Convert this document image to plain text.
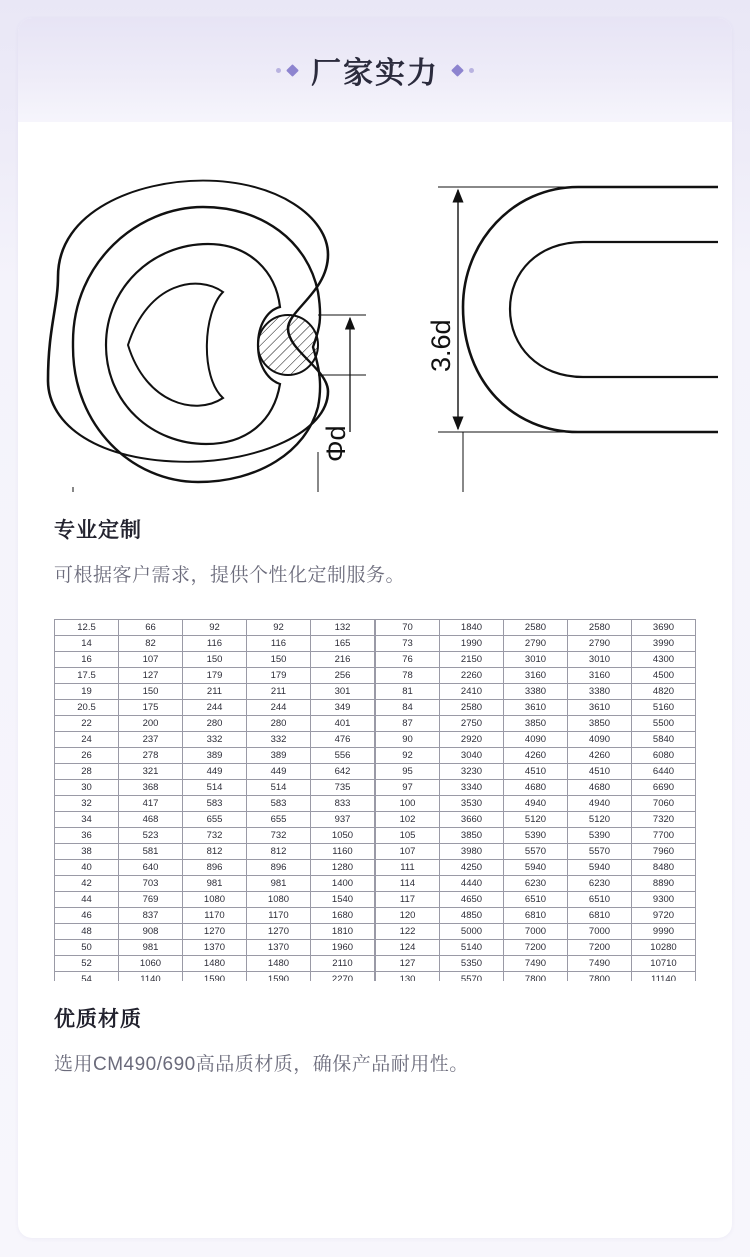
厂家实力
Φd
3.6d
专业定制

可根据客户需求，提供个性化定制服务。

12.5	66	92	92	132
14	82	116	116	165
16	107	150	150	216
17.5	127	179	179	256
19	150	211	211	301
20.5	175	244	244	349
22	200	280	280	401
24	237	332	332	476
26	278	389	389	556
28	321	449	449	642
30	368	514	514	735
32	417	583	583	833
34	468	655	655	937
36	523	732	732	1050
38	581	812	812	1160
40	640	896	896	1280
42	703	981	981	1400
44	769	1080	1080	1540
46	837	1170	1170	1680
48	908	1270	1270	1810
50	981	1370	1370	1960
52	1060	1480	1480	2110
54	1140	1590	1590	2270

70	1840	2580	2580	3690
73	1990	2790	2790	3990
76	2150	3010	3010	4300
78	2260	3160	3160	4500
81	2410	3380	3380	4820
84	2580	3610	3610	5160
87	2750	3850	3850	5500
90	2920	4090	4090	5840
92	3040	4260	4260	6080
95	3230	4510	4510	6440
97	3340	4680	4680	6690
100	3530	4940	4940	7060
102	3660	5120	5120	7320
105	3850	5390	5390	7700
107	3980	5570	5570	7960
111	4250	5940	5940	8480
114	4440	6230	6230	8890
117	4650	6510	6510	9300
120	4850	6810	6810	9720
122	5000	7000	7000	9990
124	5140	7200	7200	10280
127	5350	7490	7490	10710
130	5570	7800	7800	11140

优质材质

选用CM490/690高品质材质，确保产品耐用性。
